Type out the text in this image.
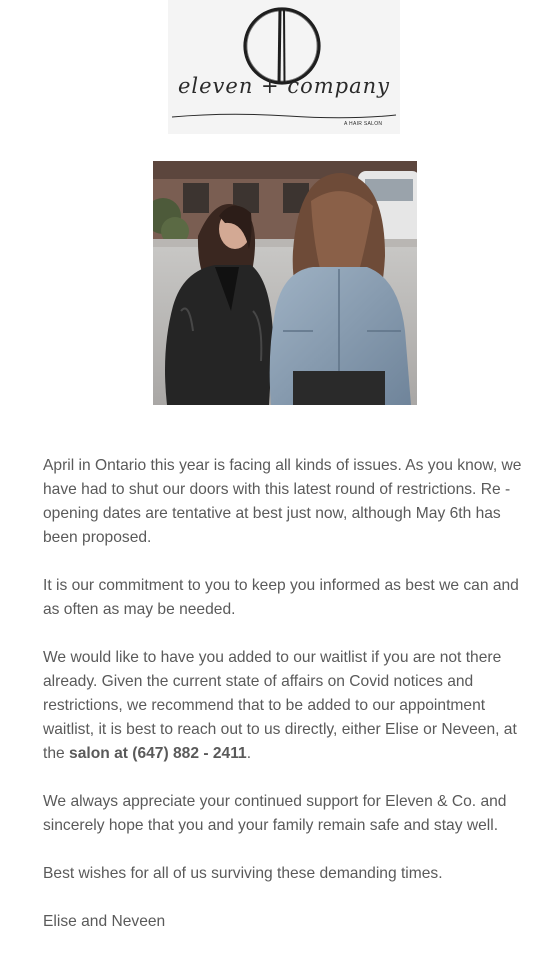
eleven + company
A HAIR SALON

April in Ontario this year is facing all kinds of issues. As you know, we have had to shut our doors with this latest round of restrictions. Re - opening dates are tentative at best just now, although May 6th has been proposed.

It is our commitment to you to keep you informed as best we can and as often as may be needed.

We would like to have you added to our waitlist if you are not there already. Given the current state of affairs on Covid notices and restrictions, we recommend that to be added to our appointment waitlist, it is best to reach out to us directly, either Elise or Neveen, at the salon at (647) 882 - 2411.

We always appreciate your continued support for Eleven & Co. and sincerely hope that you and your family remain safe and stay well.

Best wishes for all of us surviving these demanding times.

Elise and Neveen
